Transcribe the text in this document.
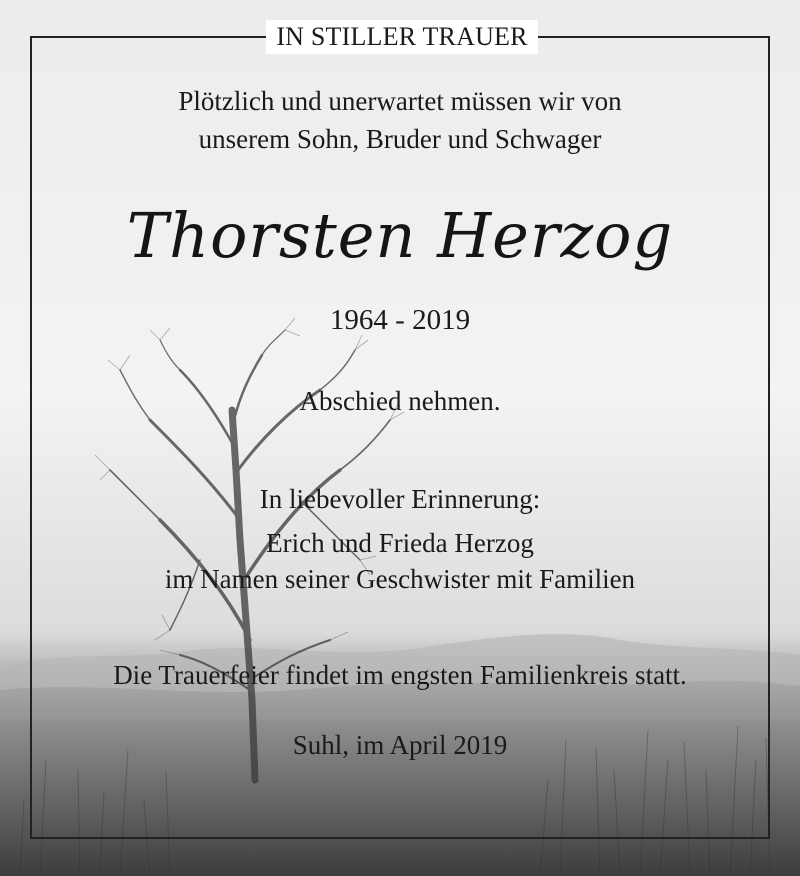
IN STILLER TRAUER
Plötzlich und unerwartet müssen wir von
unserem Sohn, Bruder und Schwager
Thorsten Herzog
1964 - 2019
Abschied nehmen.
In liebevoller Erinnerung:
Erich und Frieda Herzog
im Namen seiner Geschwister mit Familien
Die Trauerfeier findet im engsten Familienkreis statt.
Suhl, im April 2019
